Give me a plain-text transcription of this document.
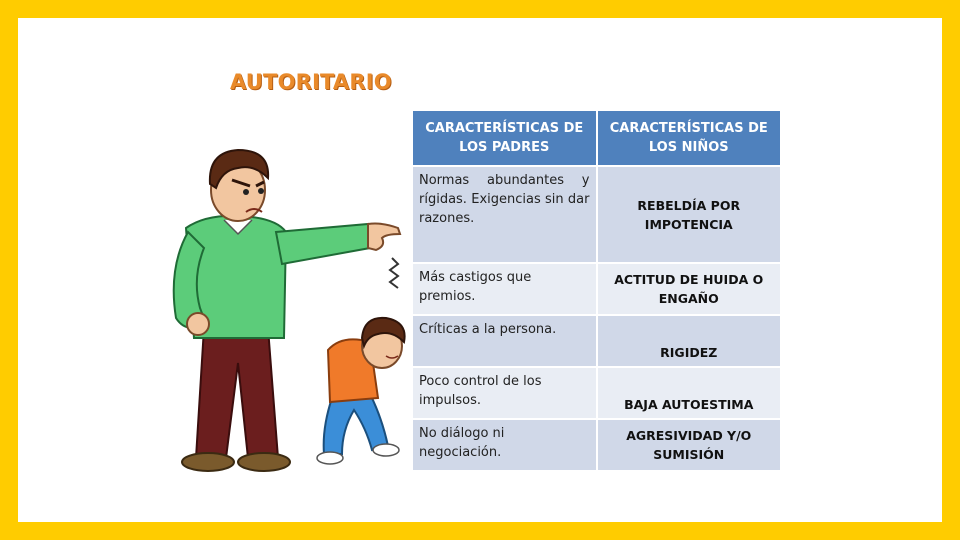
AUTORITARIO
CARACTERÍSTICAS DE LOS PADRES	CARACTERÍSTICAS DE LOS NIÑOS
Normas abundantes y rígidas. Exigencias sin dar razones.	REBELDÍA POR IMPOTENCIA
Más castigos que premios.	ACTITUD DE HUIDA O ENGAÑO
Críticas a la persona.	RIGIDEZ
Poco control de los impulsos.	BAJA AUTOESTIMA
No diálogo ni negociación.	AGRESIVIDAD Y/O SUMISIÓN
